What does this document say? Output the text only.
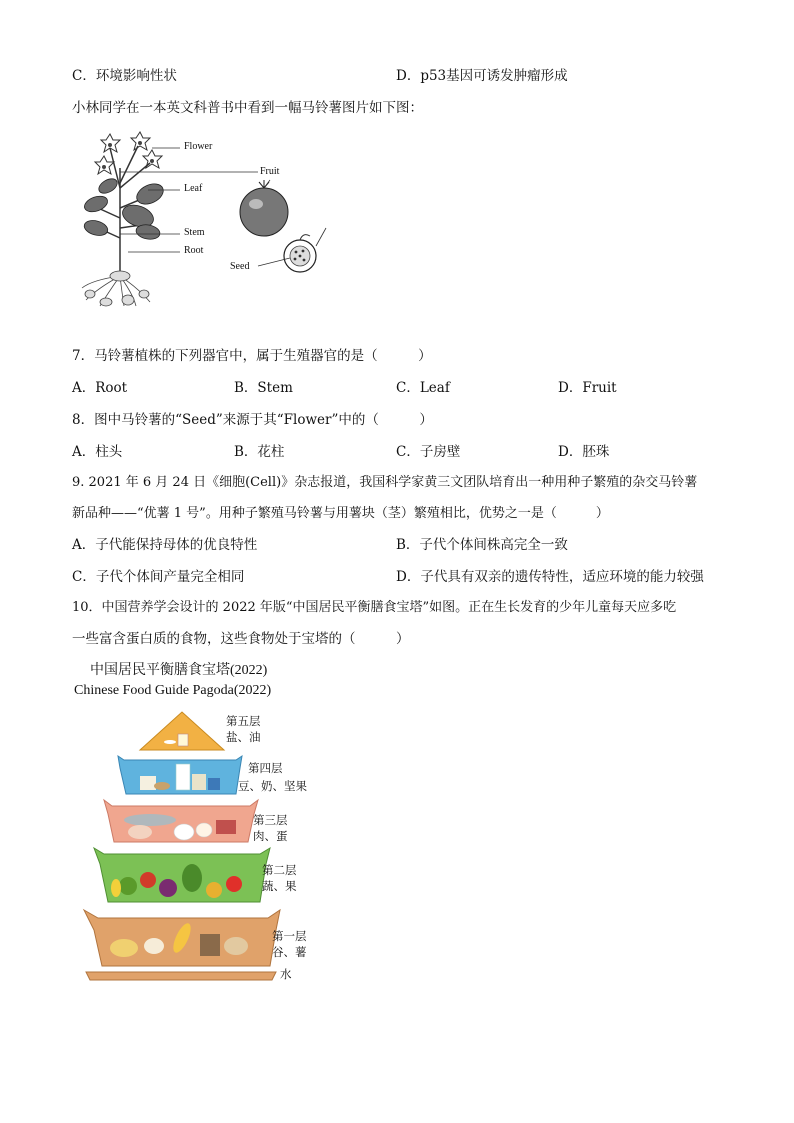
C．环境影响性状	D．p53基因可诱发肿瘤形成
小林同学在一本英文科普书中看到一幅马铃薯图片如下图：
Flower
Fruit
Leaf
Stem
Root
Seed
7．马铃薯植株的下列器官中，属于生殖器官的是（　　　）
A．Root	B．Stem	C．Leaf	D．Fruit
8．图中马铃薯的“Seed”来源于其“Flower”中的（　　　）
A．柱头	B．花柱	C．子房壁	D．胚珠
9. 2021 年 6 月 24 日《细胞(Cell)》杂志报道，我国科学家黄三文团队培育出一种用种子繁殖的杂交马铃薯
新品种——“优薯 1 号”。用种子繁殖马铃薯与用薯块（茎）繁殖相比，优势之一是（　　　）
A．子代能保持母体的优良特性	B．子代个体间株高完全一致
C．子代个体间产量完全相同	D．子代具有双亲的遗传特性，适应环境的能力较强
10．中国营养学会设计的 2022 年版“中国居民平衡膳食宝塔”如图。正在生长发育的少年儿童每天应多吃
一些富含蛋白质的食物，这些食物处于宝塔的（　　　）
中国居民平衡膳食宝塔(2022)
Chinese Food Guide Pagoda(2022)
第五层
盐、油
第四层
豆、奶、坚果
第三层
肉、蛋
第二层
蔬、果
第一层
谷、薯
水
